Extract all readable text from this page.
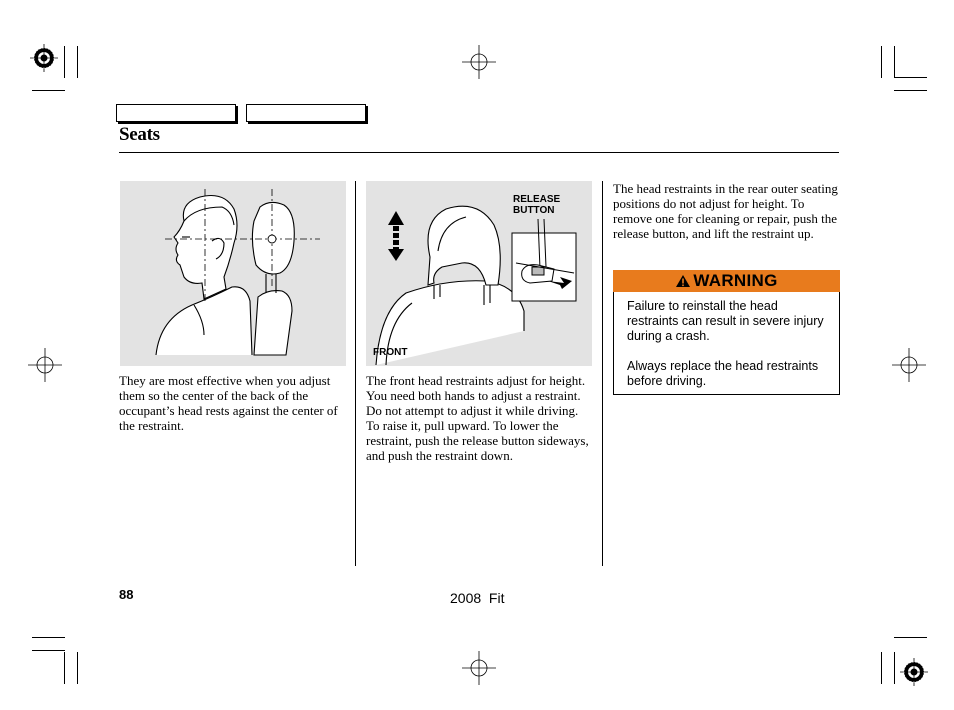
Seats
They are most effective when you adjust them so the center of the back of the occupant’s head rests against the center of the restraint.
RELEASE
BUTTON
FRONT
The front head restraints adjust for height. You need both hands to adjust a restraint. Do not attempt to adjust it while driving. To raise it, pull upward. To lower the restraint, push the release button sideways, and push the restraint down.
The head restraints in the rear outer seating positions do not adjust for height. To remove one for cleaning or repair, push the release button, and lift the restraint up.
WARNING
Failure to reinstall the head restraints can result in severe injury during a crash.
Always replace the head restraints before driving.
88	2008  Fit
